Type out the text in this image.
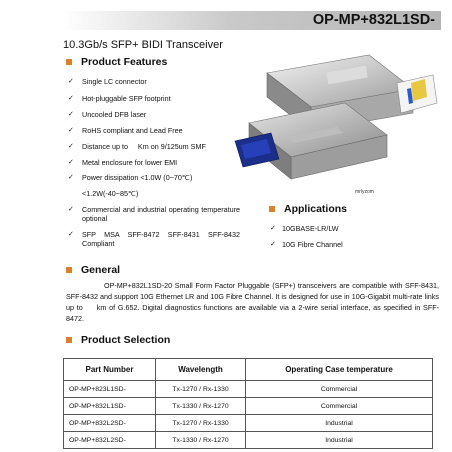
OP-MP+832L1SD-
10.3Gb/s SFP+ BIDI Transceiver
Product Features
✓ Single LC connector
✓ Hot-pluggable SFP footprint
✓ Uncooled DFB laser
✓ RoHS compliant and Lead Free
✓ Distance up to     Km on 9/125um SMF
✓ Metal enclosure for lower EMI
✓ Power dissipation <1.0W (0~70℃)
<1.2W(-40~85℃)
✓ Commercial and industrial operating temperature optional
✓ SFP MSA SFF-8472 SFF-8431 SFF-8432 Compliant
Applications
✓ 10GBASE-LR/LW
✓ 10G Fibre Channel
General

OP-MP+832L1SD-20 Small Form Factor Pluggable (SFP+) transceivers are compatible with SFF-8431, SFF-8432 and support 10G Ethernet LR and 10G Fibre Channel. It is designed for use in 10G-Gigabit multi-rate links up to     km of G.652. Digital diagnostics functions are available via a 2-wire serial interface, as specified in SFF-8472.

Product Selection
Part Number	Wavelength	Operating Case temperature
OP-MP+823L1SD-	Tx-1270 / Rx-1330	Commercial
OP-MP+832L1SD-	Tx-1330 / Rx-1270	Commercial
OP-MP+832L2SD-	Tx-1270 / Rx-1330	Industrial
OP-MP+832L2SD-	Tx-1330 / Rx-1270	Industrial
mrlyzom
